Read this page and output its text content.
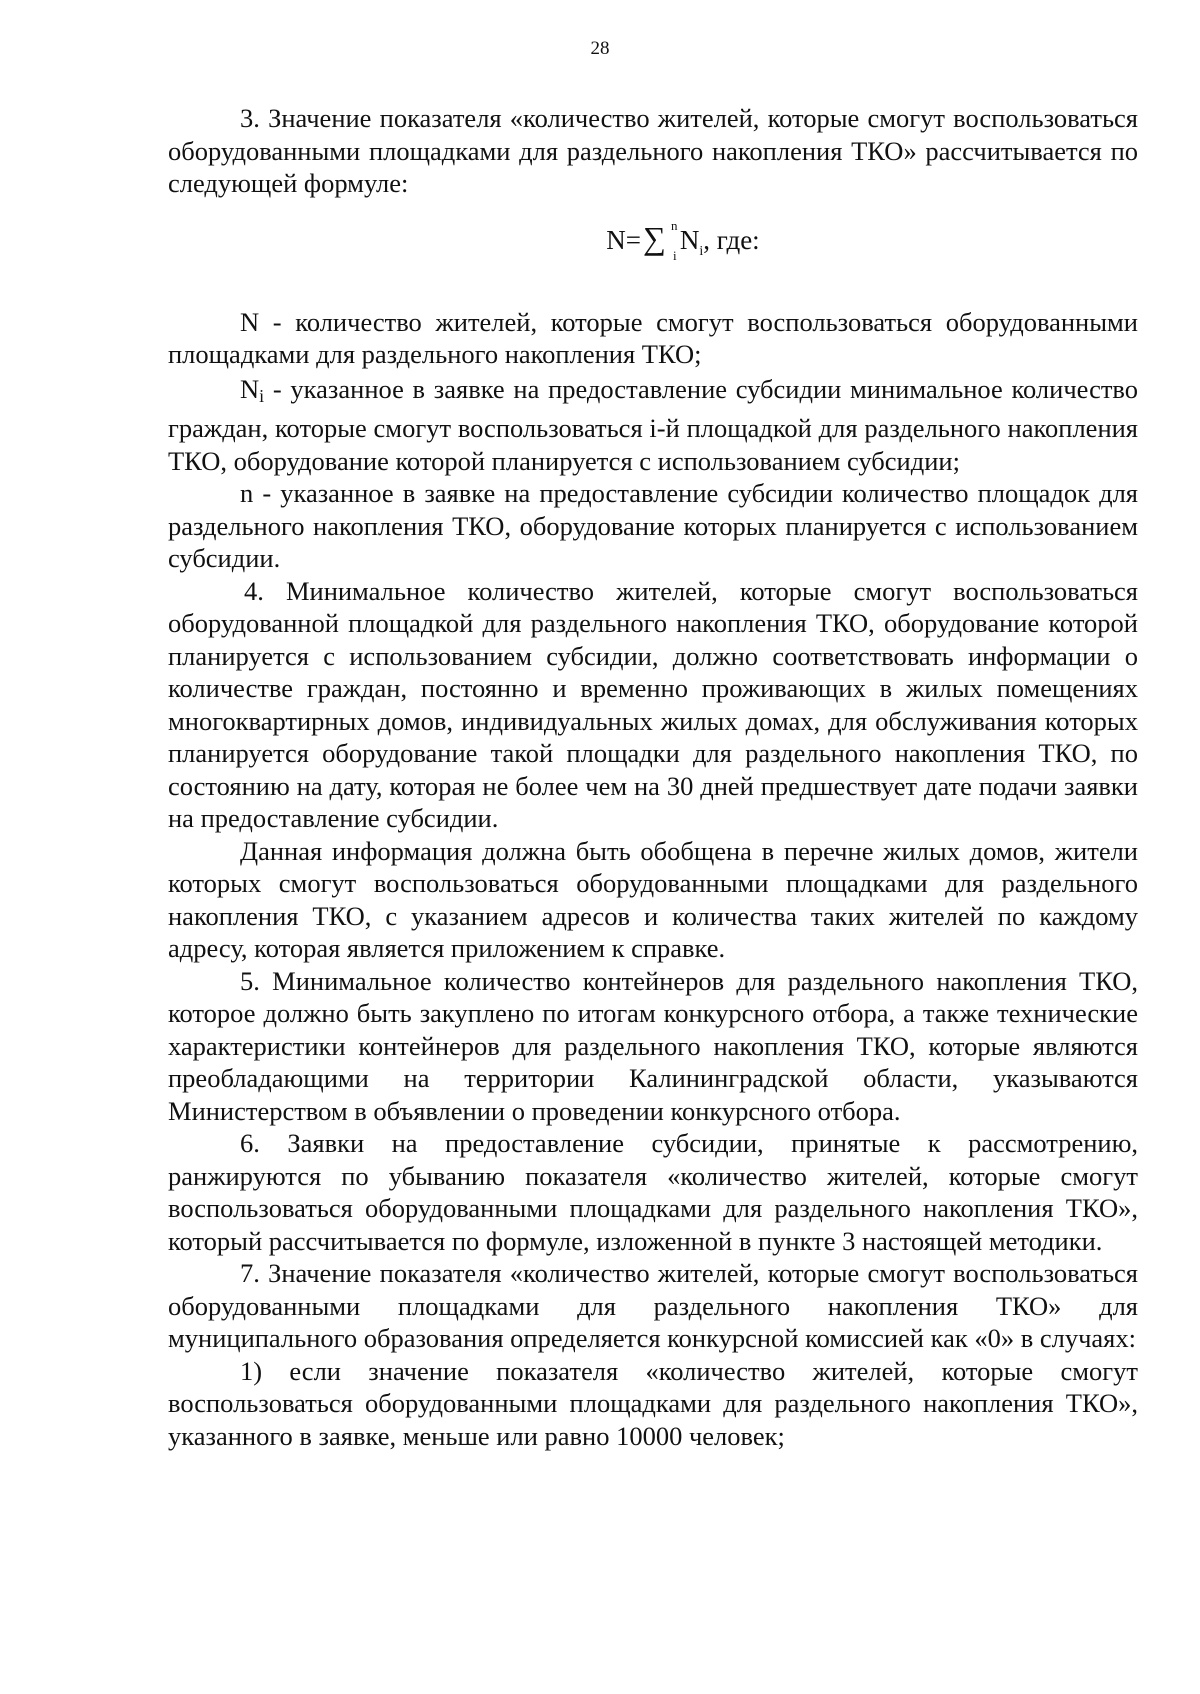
28

3. Значение показателя «количество жителей, которые смогут воспользоваться оборудованными площадками для раздельного накопления ТКО» рассчитывается по следующей формуле:

N=∑ n
i
$N_i$, где:

N - количество жителей, которые смогут воспользоваться оборудованными площадками для раздельного накопления ТКО;

Ni - указанное в заявке на предоставление субсидии минимальное количество граждан, которые смогут воспользоваться i-й площадкой для раздельного накопления ТКО, оборудование которой планируется с использованием субсидии;

n - указанное в заявке на предоставление субсидии количество площадок для раздельного накопления ТКО, оборудование которых планируется с использованием субсидии.

4. Минимальное количество жителей, которые смогут воспользоваться оборудованной площадкой для раздельного накопления ТКО, оборудование которой планируется с использованием субсидии, должно соответствовать информации о количестве граждан, постоянно и временно проживающих в жилых помещениях многоквартирных домов, индивидуальных жилых домах, для обслуживания которых планируется оборудование такой площадки для раздельного накопления ТКО, по состоянию на дату, которая не более чем на 30 дней предшествует дате подачи заявки на предоставление субсидии.

Данная информация должна быть обобщена в перечне жилых домов, жители которых смогут воспользоваться оборудованными площадками для раздельного накопления ТКО, с указанием адресов и количества таких жителей по каждому адресу, которая является приложением к справке.

5. Минимальное количество контейнеров для раздельного накопления ТКО, которое должно быть закуплено по итогам конкурсного отбора, а также технические характеристики контейнеров для раздельного накопления ТКО, которые являются преобладающими на территории Калининградской области, указываются Министерством в объявлении о проведении конкурсного отбора.

6. Заявки на предоставление субсидии, принятые к рассмотрению, ранжируются по убыванию показателя «количество жителей, которые смогут воспользоваться оборудованными площадками для раздельного накопления ТКО», который рассчитывается по формуле, изложенной в пункте 3 настоящей методики.

7. Значение показателя «количество жителей, которые смогут воспользоваться оборудованными площадками для раздельного накопления ТКО» для муниципального образования определяется конкурсной комиссией как «0» в случаях:

1) если значение показателя «количество жителей, которые смогут воспользоваться оборудованными площадками для раздельного накопления ТКО», указанного в заявке, меньше или равно 10000 человек;
